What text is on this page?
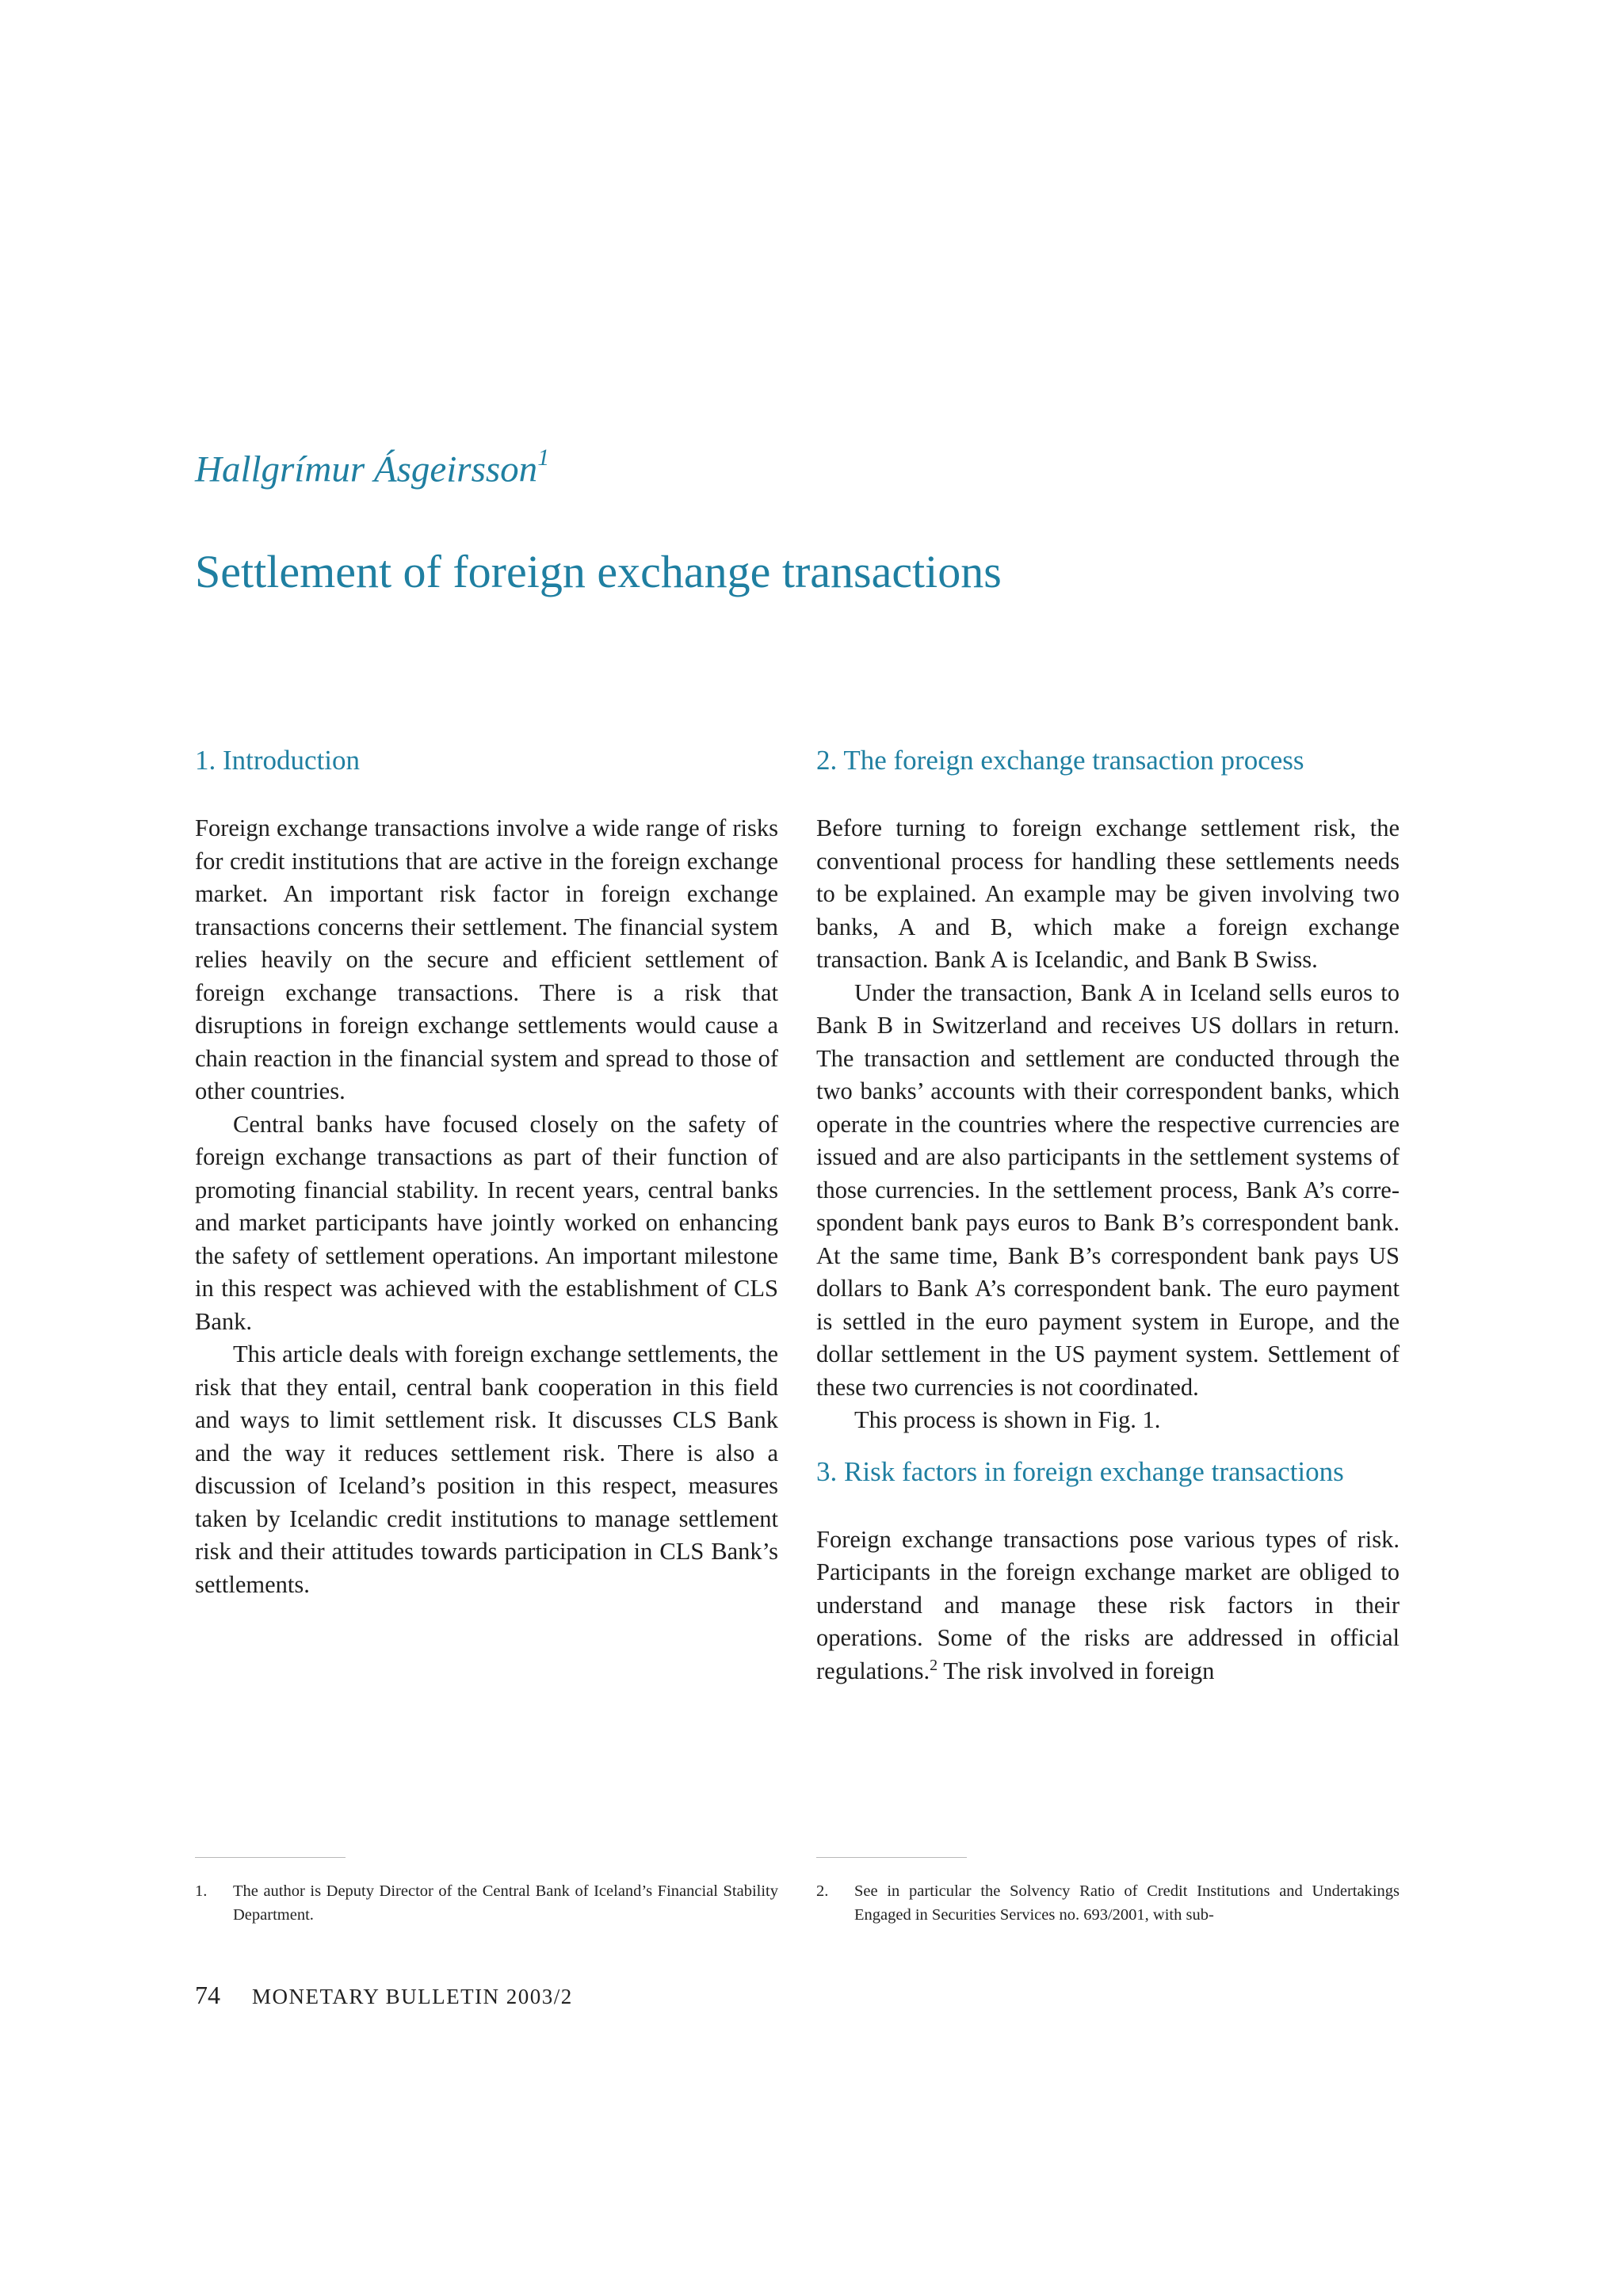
Hallgrímur Ásgeirsson$^1$
Settlement of foreign exchange transactions
1. Introduction

Foreign exchange transactions involve a wide range of risks for credit institutions that are active in the foreign exchange market. An important risk factor in foreign exchange transactions concerns their settlement. The financial system relies heavily on the secure and efficient settlement of foreign exchange transactions. There is a risk that disruptions in foreign exchange settlements would cause a chain reaction in the financial system and spread to those of other countries.

Central banks have focused closely on the safety of foreign exchange transactions as part of their function of promoting financial stability. In recent years, central banks and market participants have jointly worked on enhancing the safety of settlement operations. An important milestone in this respect was achieved with the establishment of CLS Bank.

This article deals with foreign exchange settlements, the risk that they entail, central bank cooperation in this field and ways to limit settlement risk. It discusses CLS Bank and the way it reduces settlement risk. There is also a discussion of Iceland’s position in this respect, measures taken by Icelandic credit institutions to manage settlement risk and their attitudes towards participation in CLS Bank’s settlements.

2. The foreign exchange transaction process

Before turning to foreign exchange settlement risk, the conventional process for handling these settlements needs to be explained. An example may be given involving two banks, A and B, which make a foreign exchange transaction. Bank A is Icelandic, and Bank B Swiss.

Under the transaction, Bank A in Iceland sells euros to Bank B in Switzerland and receives US dollars in return. The transaction and settlement are conducted through the two banks’ accounts with their correspondent banks, which operate in the countries where the respective currencies are issued and are also participants in the settlement systems of those currencies. In the settlement process, Bank A’s correspondent bank pays euros to Bank B’s correspondent bank. At the same time, Bank B’s correspondent bank pays US dollars to Bank A’s correspondent bank. The euro payment is settled in the euro payment system in Europe, and the dollar settlement in the US payment system. Settlement of these two currencies is not coordinated.

This process is shown in Fig. 1.

3. Risk factors in foreign exchange transactions

Foreign exchange transactions pose various types of risk. Participants in the foreign exchange market are obliged to understand and manage these risk factors in their operations. Some of the risks are addressed in official regulations.$^2$ The risk involved in foreign

1. The author is Deputy Director of the Central Bank of Iceland’s Financial Stability Department.
2. See in particular the Solvency Ratio of Credit Institutions and Undertakings Engaged in Securities Services no. 693/2001, with sub-
74 MONETARY BULLETIN 2003/2
